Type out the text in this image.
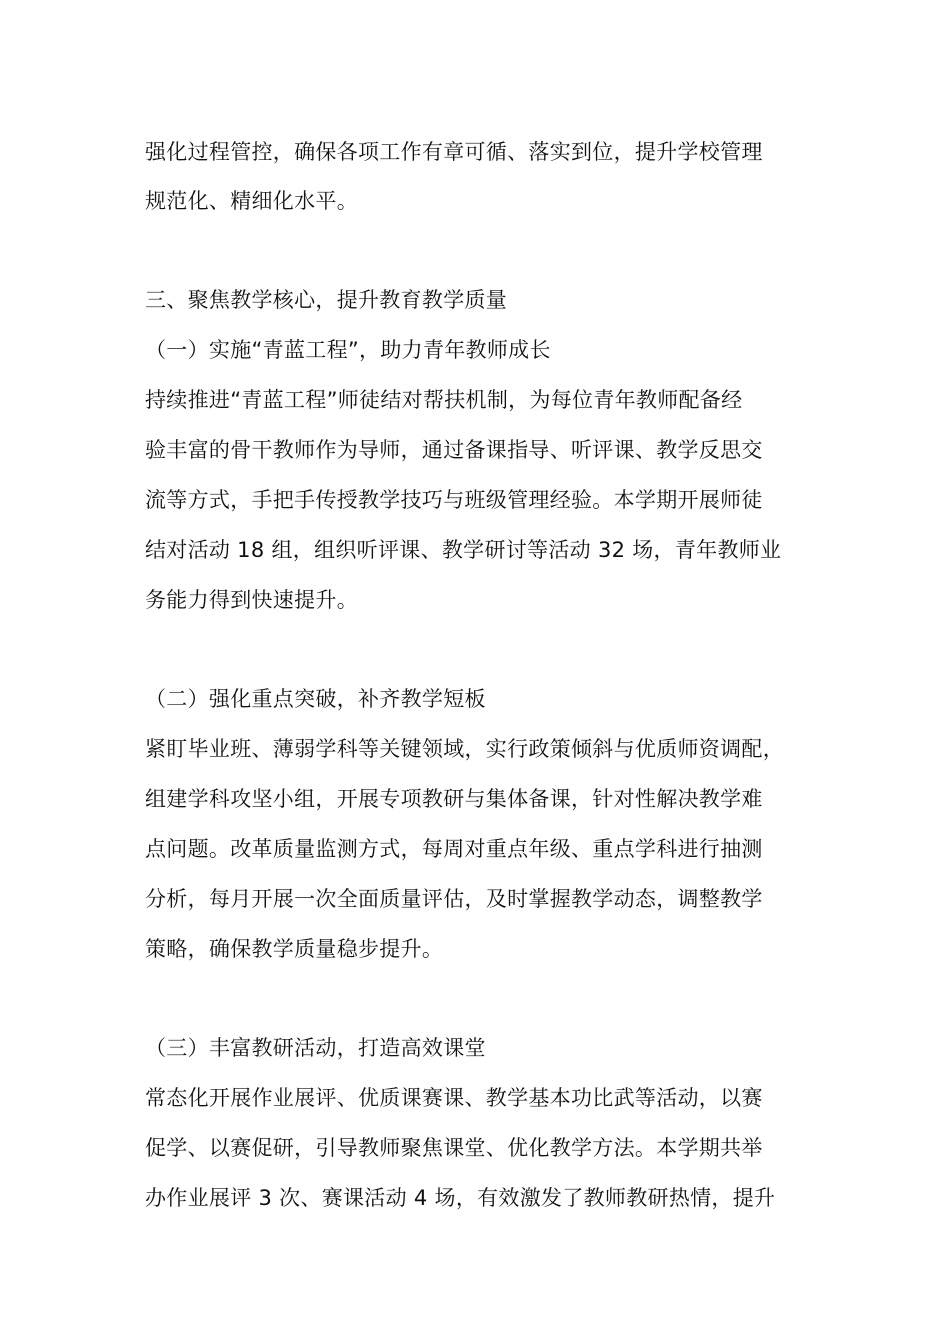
强化过程管控，确保各项工作有章可循、落实到位，提升学校管理
规范化、精细化水平。
三、聚焦教学核心，提升教育教学质量
（一）实施“青蓝工程”，助力青年教师成长
持续推进“青蓝工程”师徒结对帮扶机制，为每位青年教师配备经
验丰富的骨干教师作为导师，通过备课指导、听评课、教学反思交
流等方式，手把手传授教学技巧与班级管理经验。本学期开展师徒
结对活动 18 组，组织听评课、教学研讨等活动 32 场，青年教师业
务能力得到快速提升。
（二）强化重点突破，补齐教学短板
紧盯毕业班、薄弱学科等关键领域，实行政策倾斜与优质师资调配，
组建学科攻坚小组，开展专项教研与集体备课，针对性解决教学难
点问题。改革质量监测方式，每周对重点年级、重点学科进行抽测
分析，每月开展一次全面质量评估，及时掌握教学动态，调整教学
策略，确保教学质量稳步提升。
（三）丰富教研活动，打造高效课堂
常态化开展作业展评、优质课赛课、教学基本功比武等活动，以赛
促学、以赛促研，引导教师聚焦课堂、优化教学方法。本学期共举
办作业展评 3 次、赛课活动 4 场，有效激发了教师教研热情，提升
